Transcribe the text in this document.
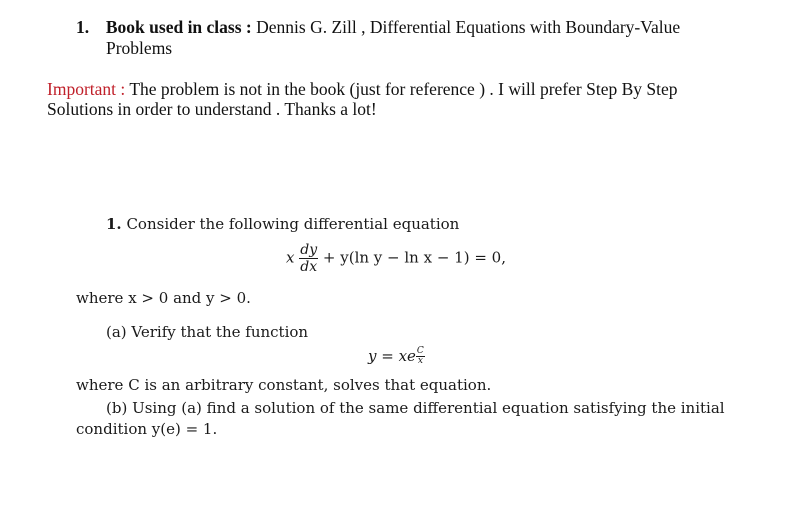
1. Book used in class : Dennis G. Zill , Differential Equations with Boundary-Value
Problems
Important : The problem is not in the book (just for reference ) . I will prefer Step By Step
Solutions in order to understand . Thanks a lot!
1. Consider the following differential equation
x $\frac{dy}{dx} + y(\ln$ y − ln x − 1) = 0,
where x > 0 and y > 0.
(a) Verify that the function
y = xe $\frac{C}{x}$
where C is an arbitrary constant, solves that equation.
(b) Using (a) find a solution of the same differential equation satisfying the initial
condition y(e) = 1.
